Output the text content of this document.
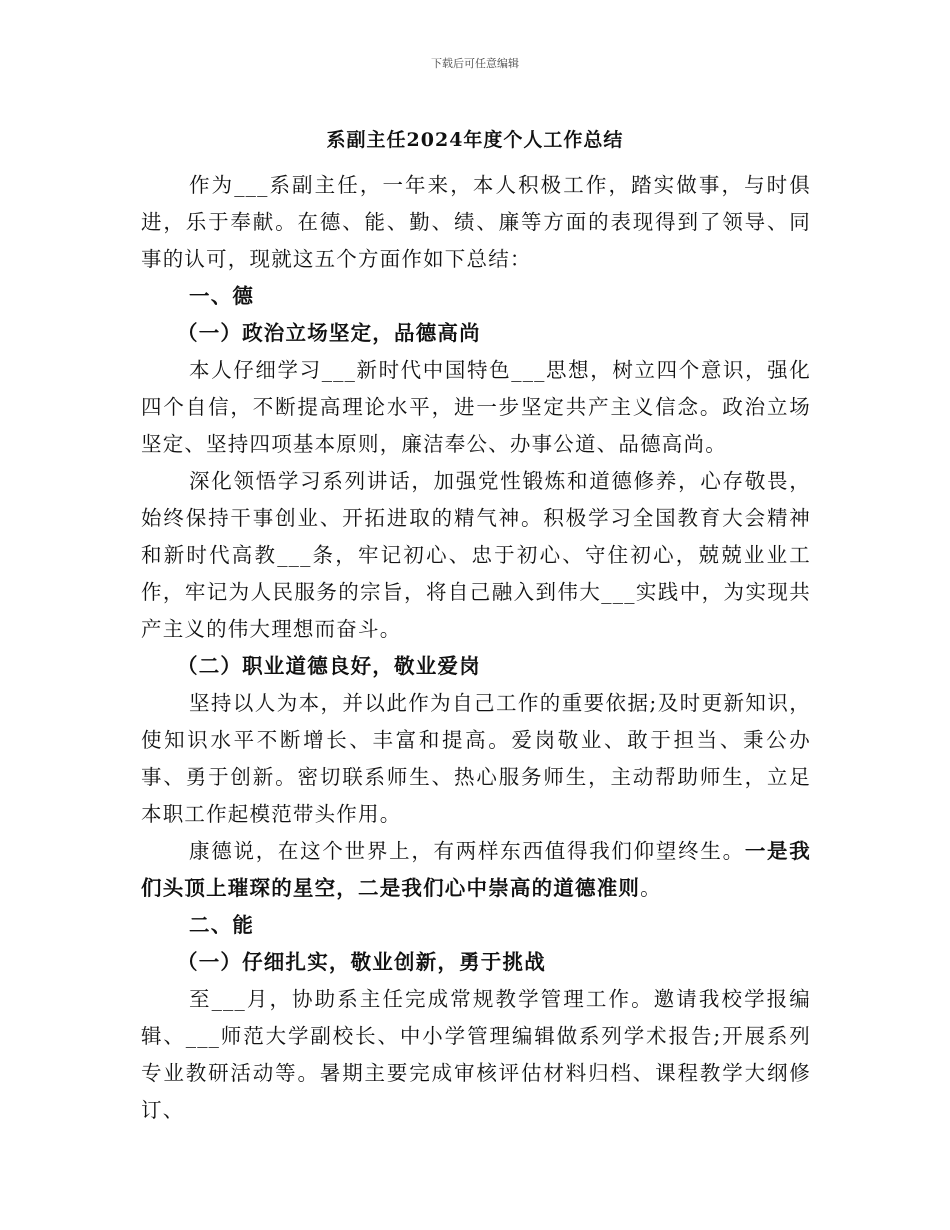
下载后可任意编辑
系副主任2024年度个人工作总结

作为___系副主任，一年来，本人积极工作，踏实做事，与时俱进，乐于奉献。在德、能、勤、绩、廉等方面的表现得到了领导、同事的认可，现就这五个方面作如下总结：

一、德
（一）政治立场坚定，品德高尚

本人仔细学习___新时代中国特色___思想，树立四个意识，强化四个自信，不断提高理论水平，进一步坚定共产主义信念。政治立场坚定、坚持四项基本原则，廉洁奉公、办事公道、品德高尚。

深化领悟学习系列讲话，加强党性锻炼和道德修养，心存敬畏，始终保持干事创业、开拓进取的精气神。积极学习全国教育大会精神和新时代高教___条，牢记初心、忠于初心、守住初心，兢兢业业工作，牢记为人民服务的宗旨，将自己融入到伟大___实践中，为实现共产主义的伟大理想而奋斗。

（二）职业道德良好，敬业爱岗

坚持以人为本，并以此作为自己工作的重要依据;及时更新知识，使知识水平不断增长、丰富和提高。爱岗敬业、敢于担当、秉公办事、勇于创新。密切联系师生、热心服务师生，主动帮助师生，立足本职工作起模范带头作用。

康德说，在这个世界上，有两样东西值得我们仰望终生。一是我们头顶上璀琛的星空，二是我们心中崇高的道德准则。

二、能
（一）仔细扎实，敬业创新，勇于挑战

至___月，协助系主任完成常规教学管理工作。邀请我校学报编辑、___师范大学副校长、中小学管理编辑做系列学术报告;开展系列专业教研活动等。暑期主要完成审核评估材料归档、课程教学大纲修订、
